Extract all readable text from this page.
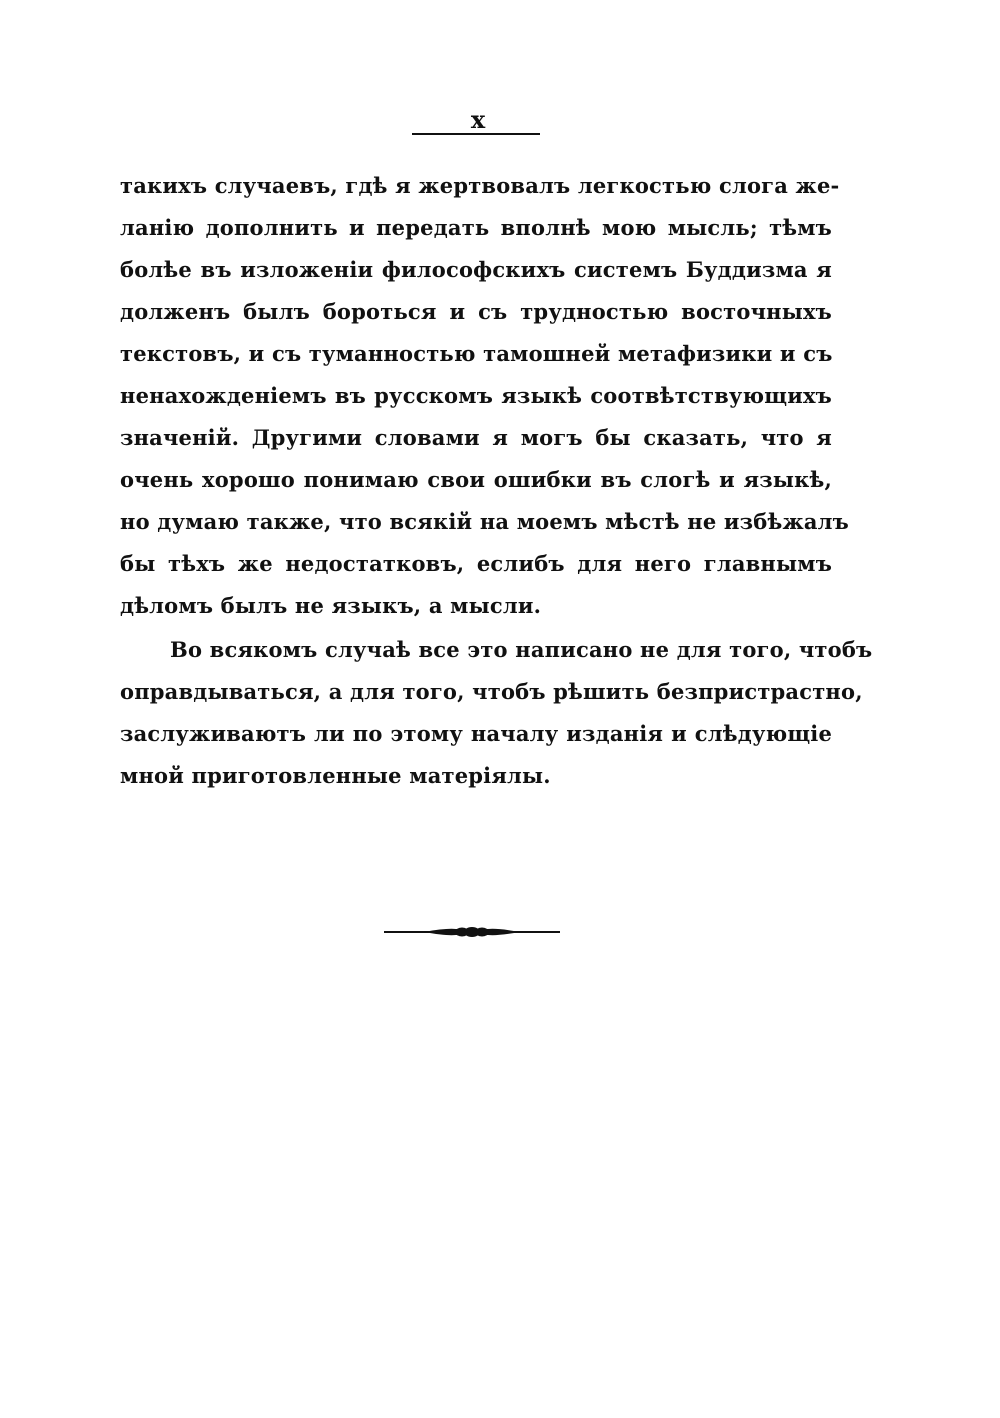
x
такихъ случаевъ, гдѣ я жертвовалъ легкостью слога же-
ланію дополнить и передать вполнѣ мою мысль; тѣмъ
болѣе въ изложеніи философскихъ системъ Буддизма я
долженъ былъ бороться и съ трудностью восточныхъ
текстовъ, и съ туманностью тамошней метафизики и съ
ненахожденіемъ въ русскомъ языкѣ соотвѣтствующихъ
значеній. Другими словами я могъ бы сказать, что я
очень хорошо понимаю свои ошибки въ слогѣ и языкѣ,
но думаю также, что всякій на моемъ мѣстѣ не избѣжалъ
бы тѣхъ же недостатковъ, еслибъ для него главнымъ
дѣломъ былъ не языкъ, а мысли.
Во всякомъ случаѣ все это написано не для того, чтобъ
оправдываться, а для того, чтобъ рѣшить безпристрастно,
заслуживаютъ ли по этому началу изданія и слѣдующіе
мной приготовленные матеріялы.
